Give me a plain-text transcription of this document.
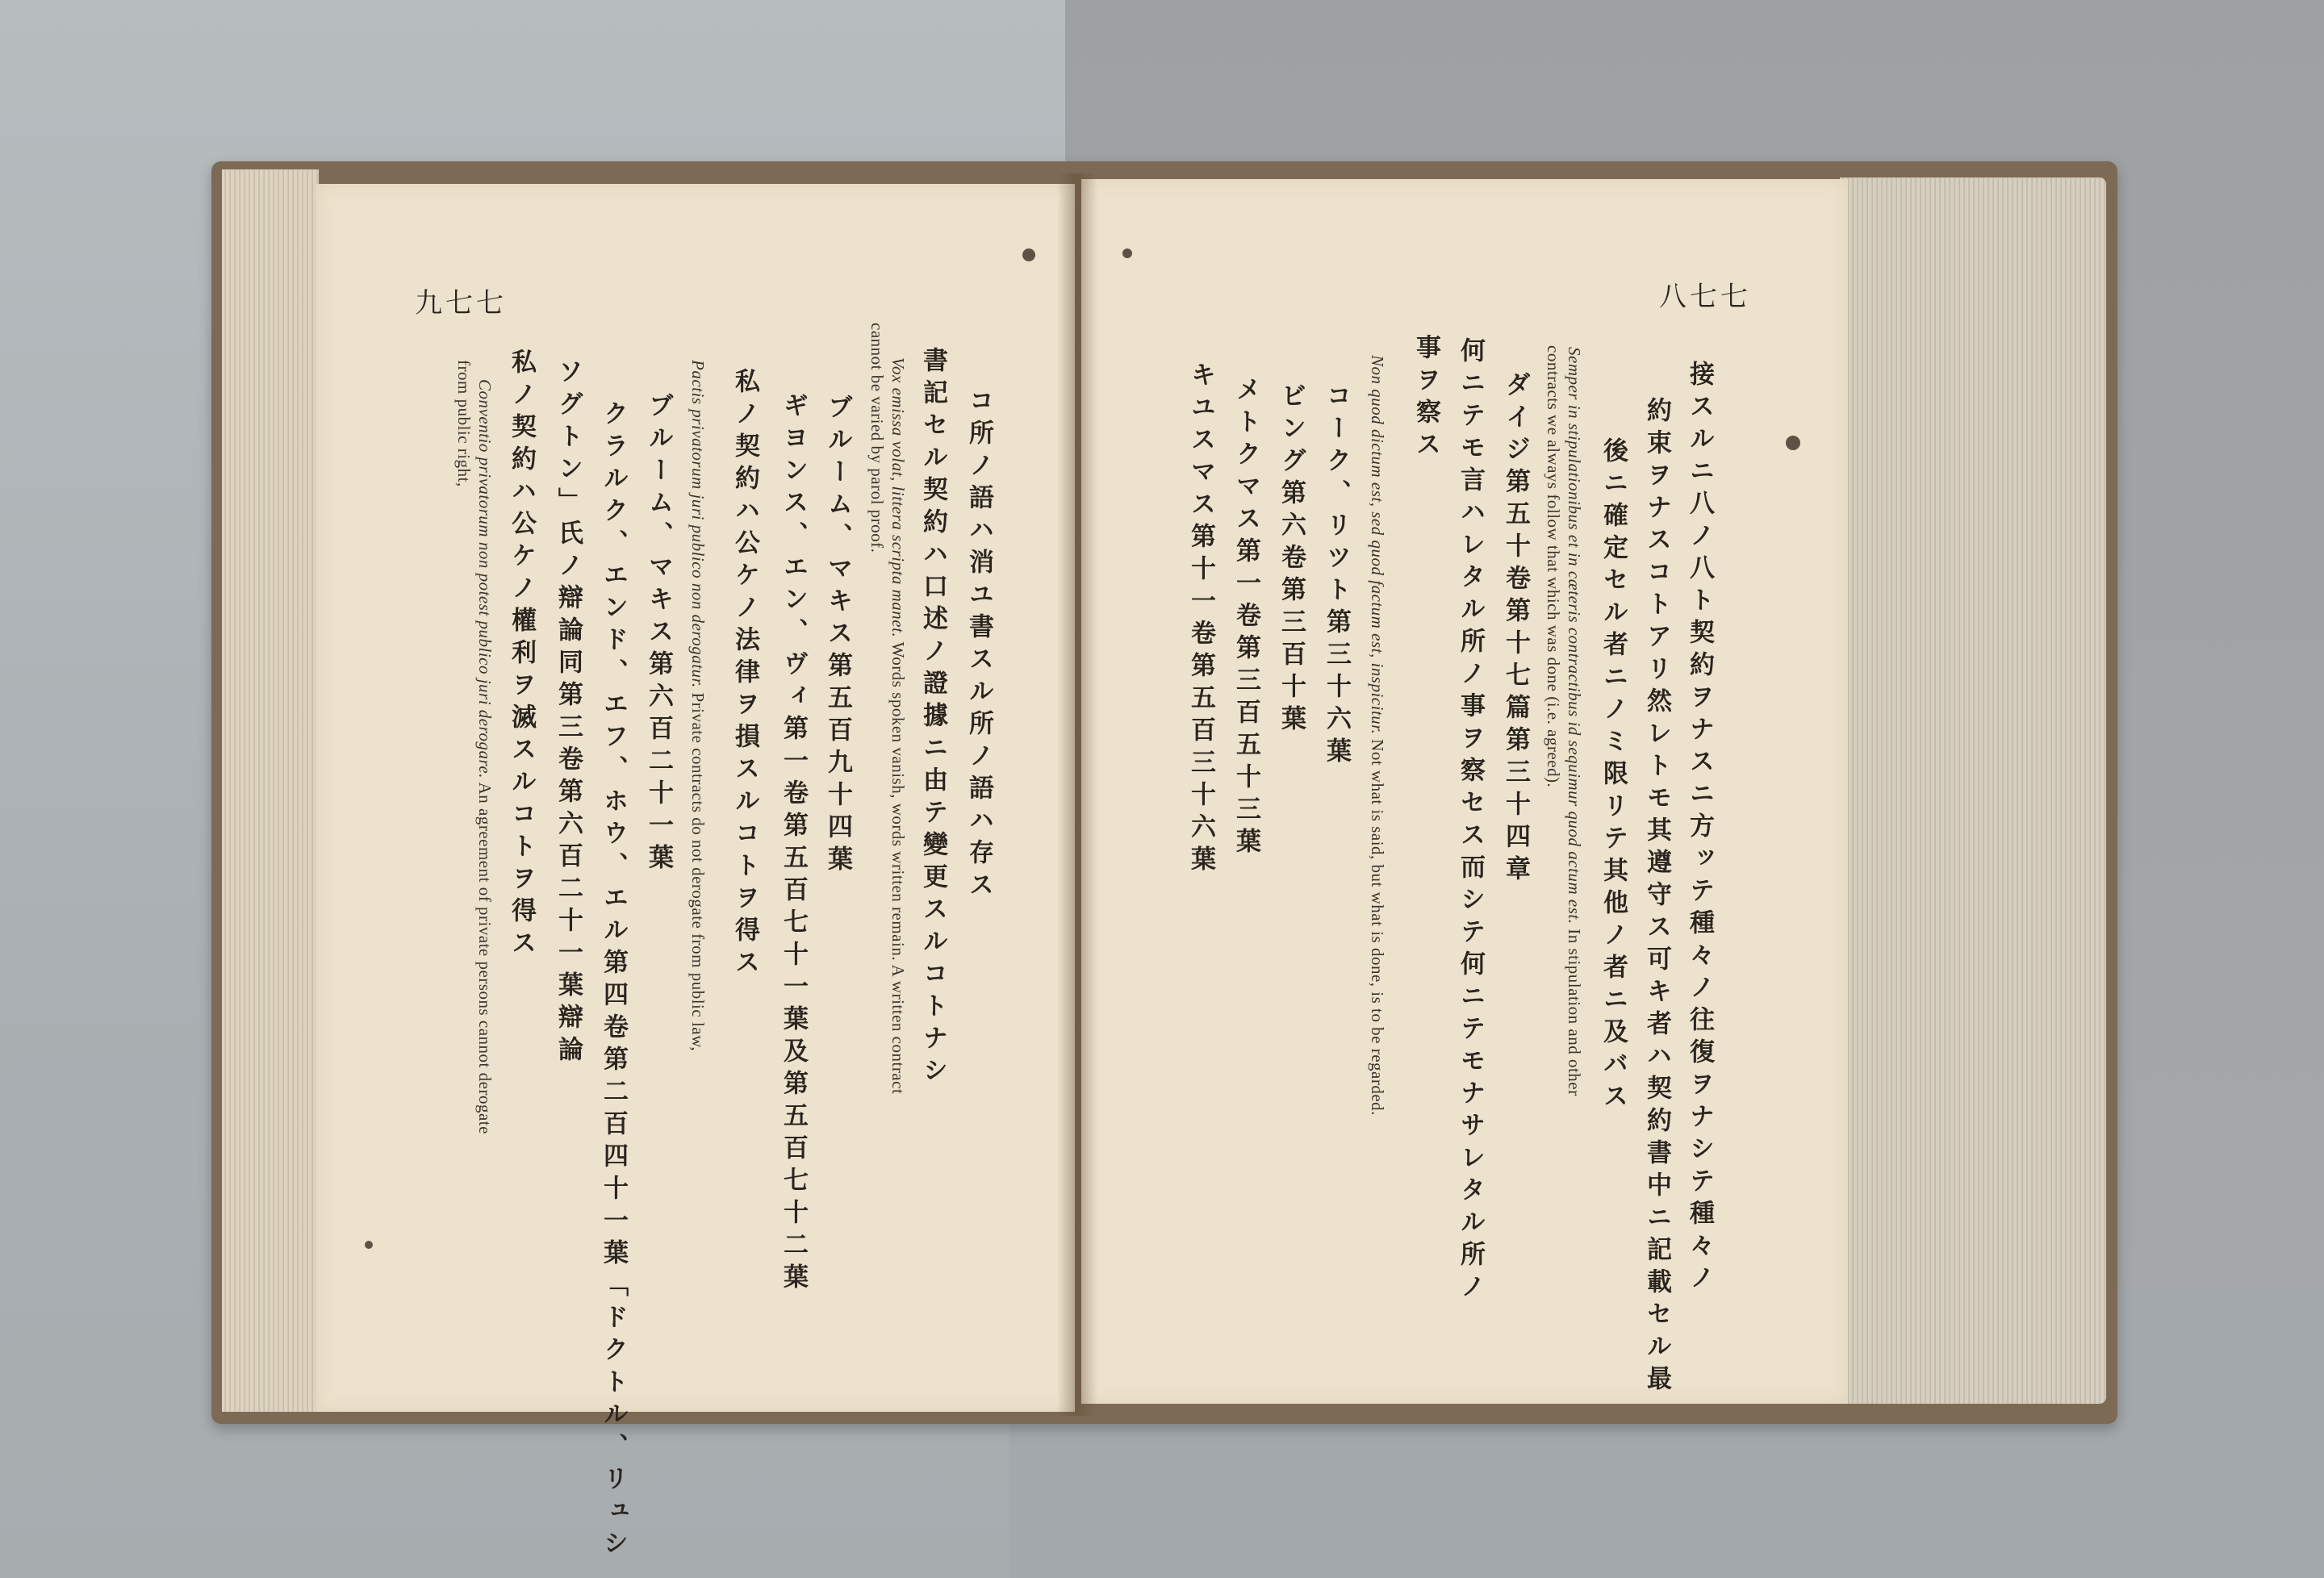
九七七
コ所ノ語ハ消ユ書スル所ノ語ハ存ス
書記セル契約ハ口述ノ證據ニ由テ變更スルコトナシ
Vox emissa volat, littera scripta manet. Words spoken vanish, words written remain. A written contract
cannot be varied by parol proof.
ブルーム、マキス第五百九十四葉
ギヨンス、エン、ヴィ第一卷第五百七十一葉及第五百七十二葉
私ノ契約ハ公ケノ法律ヲ損スルコトヲ得ス
Pactis privatorum juri publico non derogatur. Private contracts do not derogate from public law,
ブルーム、マキス第六百二十一葉
クラルク、エンド、エフ、ホウ、エル第四卷第二百四十一葉「ドクトル、リュシ
ソグトン」氏ノ辯論同第三卷第六百二十一葉辯論
私ノ契約ハ公ケノ權利ヲ滅スルコトヲ得ス
Conventio privatorum non potest publico juri derogare. An agreement of private persons cannot derogate
from public right,
八七七
接スルニ八ノ八ト契約ヲナスニ方ッテ種々ノ往復ヲナシテ種々ノ
約束ヲナスコトアリ然レトモ其遵守ス可キ者ハ契約書中ニ記載セル最
後ニ確定セル者ニノミ限リテ其他ノ者ニ及バス
Semper in stipulationibus et in cæteris contractibus id sequimur quod actum est. In stipulation and other
contracts we always follow that which was done (i.e. agreed).
ダイジ第五十卷第十七篇第三十四章
何ニテモ言ハレタル所ノ事ヲ察セス而シテ何ニテモナサレタル所ノ
事ヲ察ス
Non quod dictum est, sed quod factum est, inspicitur. Not what is said, but what is done, is to be regarded.
コーク、リツト第三十六葉
ビング第六卷第三百十葉
メトクマス第一卷第三百五十三葉
キユスマス第十一卷第五百三十六葉
